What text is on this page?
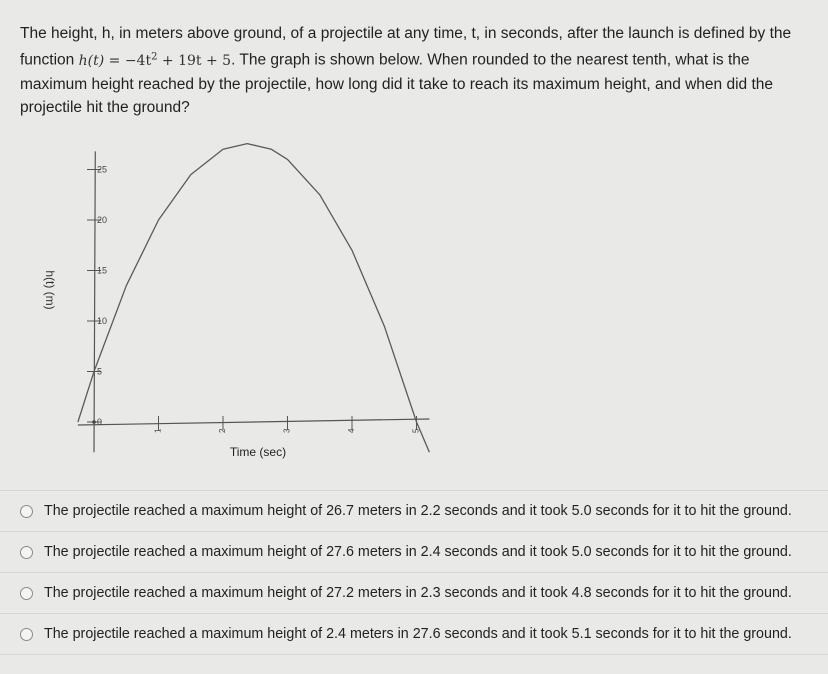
The height, h, in meters above ground, of a projectile at any time, t, in seconds, after the launch is defined by the function $h(t) = -4t^2 + 19t + 5$. The graph is shown below. When rounded to the nearest tenth, what is the maximum height reached by the projectile, how long did it take to reach its maximum height, and when did the projectile hit the ground?
h(t) (m)
Time (sec)
1	2	3	4	5
0
5
10
15
20
25
The projectile reached a maximum height of 26.7 meters in 2.2 seconds and it took 5.0 seconds for it to hit the ground.
The projectile reached a maximum height of 27.6 meters in 2.4 seconds and it took 5.0 seconds for it to hit the ground.
The projectile reached a maximum height of 27.2 meters in 2.3 seconds and it took 4.8 seconds for it to hit the ground.
The projectile reached a maximum height of 2.4 meters in 27.6 seconds and it took 5.1 seconds for it to hit the ground.
